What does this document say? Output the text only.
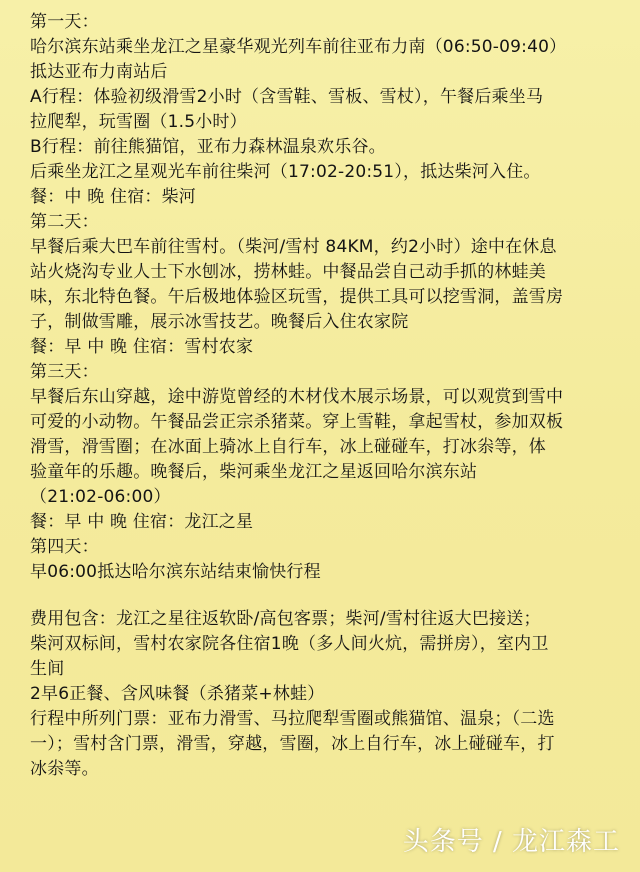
第一天：
哈尔滨东站乘坐龙江之星豪华观光列车前往亚布力南（06:50-09:40）
抵达亚布力南站后
A行程：体验初级滑雪2小时（含雪鞋、雪板、雪杖），午餐后乘坐马
拉爬犁，玩雪圈（1.5小时）
B行程：前往熊猫馆，亚布力森林温泉欢乐谷。
后乘坐龙江之星观光车前往柴河（17:02-20:51），抵达柴河入住。
餐：中 晚 住宿：柴河
第二天：
早餐后乘大巴车前往雪村。（柴河/雪村 84KM，约2小时）途中在休息
站火烧沟专业人士下水刨冰，捞林蛙。中餐品尝自己动手抓的林蛙美
味，东北特色餐。午后极地体验区玩雪，提供工具可以挖雪洞，盖雪房
子，制做雪雕，展示冰雪技艺。晚餐后入住农家院
餐：早 中 晚 住宿：雪村农家
第三天：
早餐后东山穿越，途中游览曾经的木材伐木展示场景，可以观赏到雪中
可爱的小动物。午餐品尝正宗杀猪菜。穿上雪鞋，拿起雪杖，参加双板
滑雪，滑雪圈；在冰面上骑冰上自行车，冰上碰碰车，打冰尜等，体
验童年的乐趣。晚餐后，柴河乘坐龙江之星返回哈尔滨东站
（21:02-06:00）
餐：早 中 晚 住宿：龙江之星
第四天：
早06:00抵达哈尔滨东站结束愉快行程
费用包含：龙江之星往返软卧/高包客票；柴河/雪村往返大巴接送；
柴河双标间，雪村农家院各住宿1晚（多人间火炕，需拼房），室内卫
生间
2早6正餐、含风味餐（杀猪菜+林蛙）
行程中所列门票：亚布力滑雪、马拉爬犁雪圈或熊猫馆、温泉；（二选
一）；雪村含门票，滑雪，穿越，雪圈，冰上自行车，冰上碰碰车，打
冰尜等。
头条号 / 龙江森工
